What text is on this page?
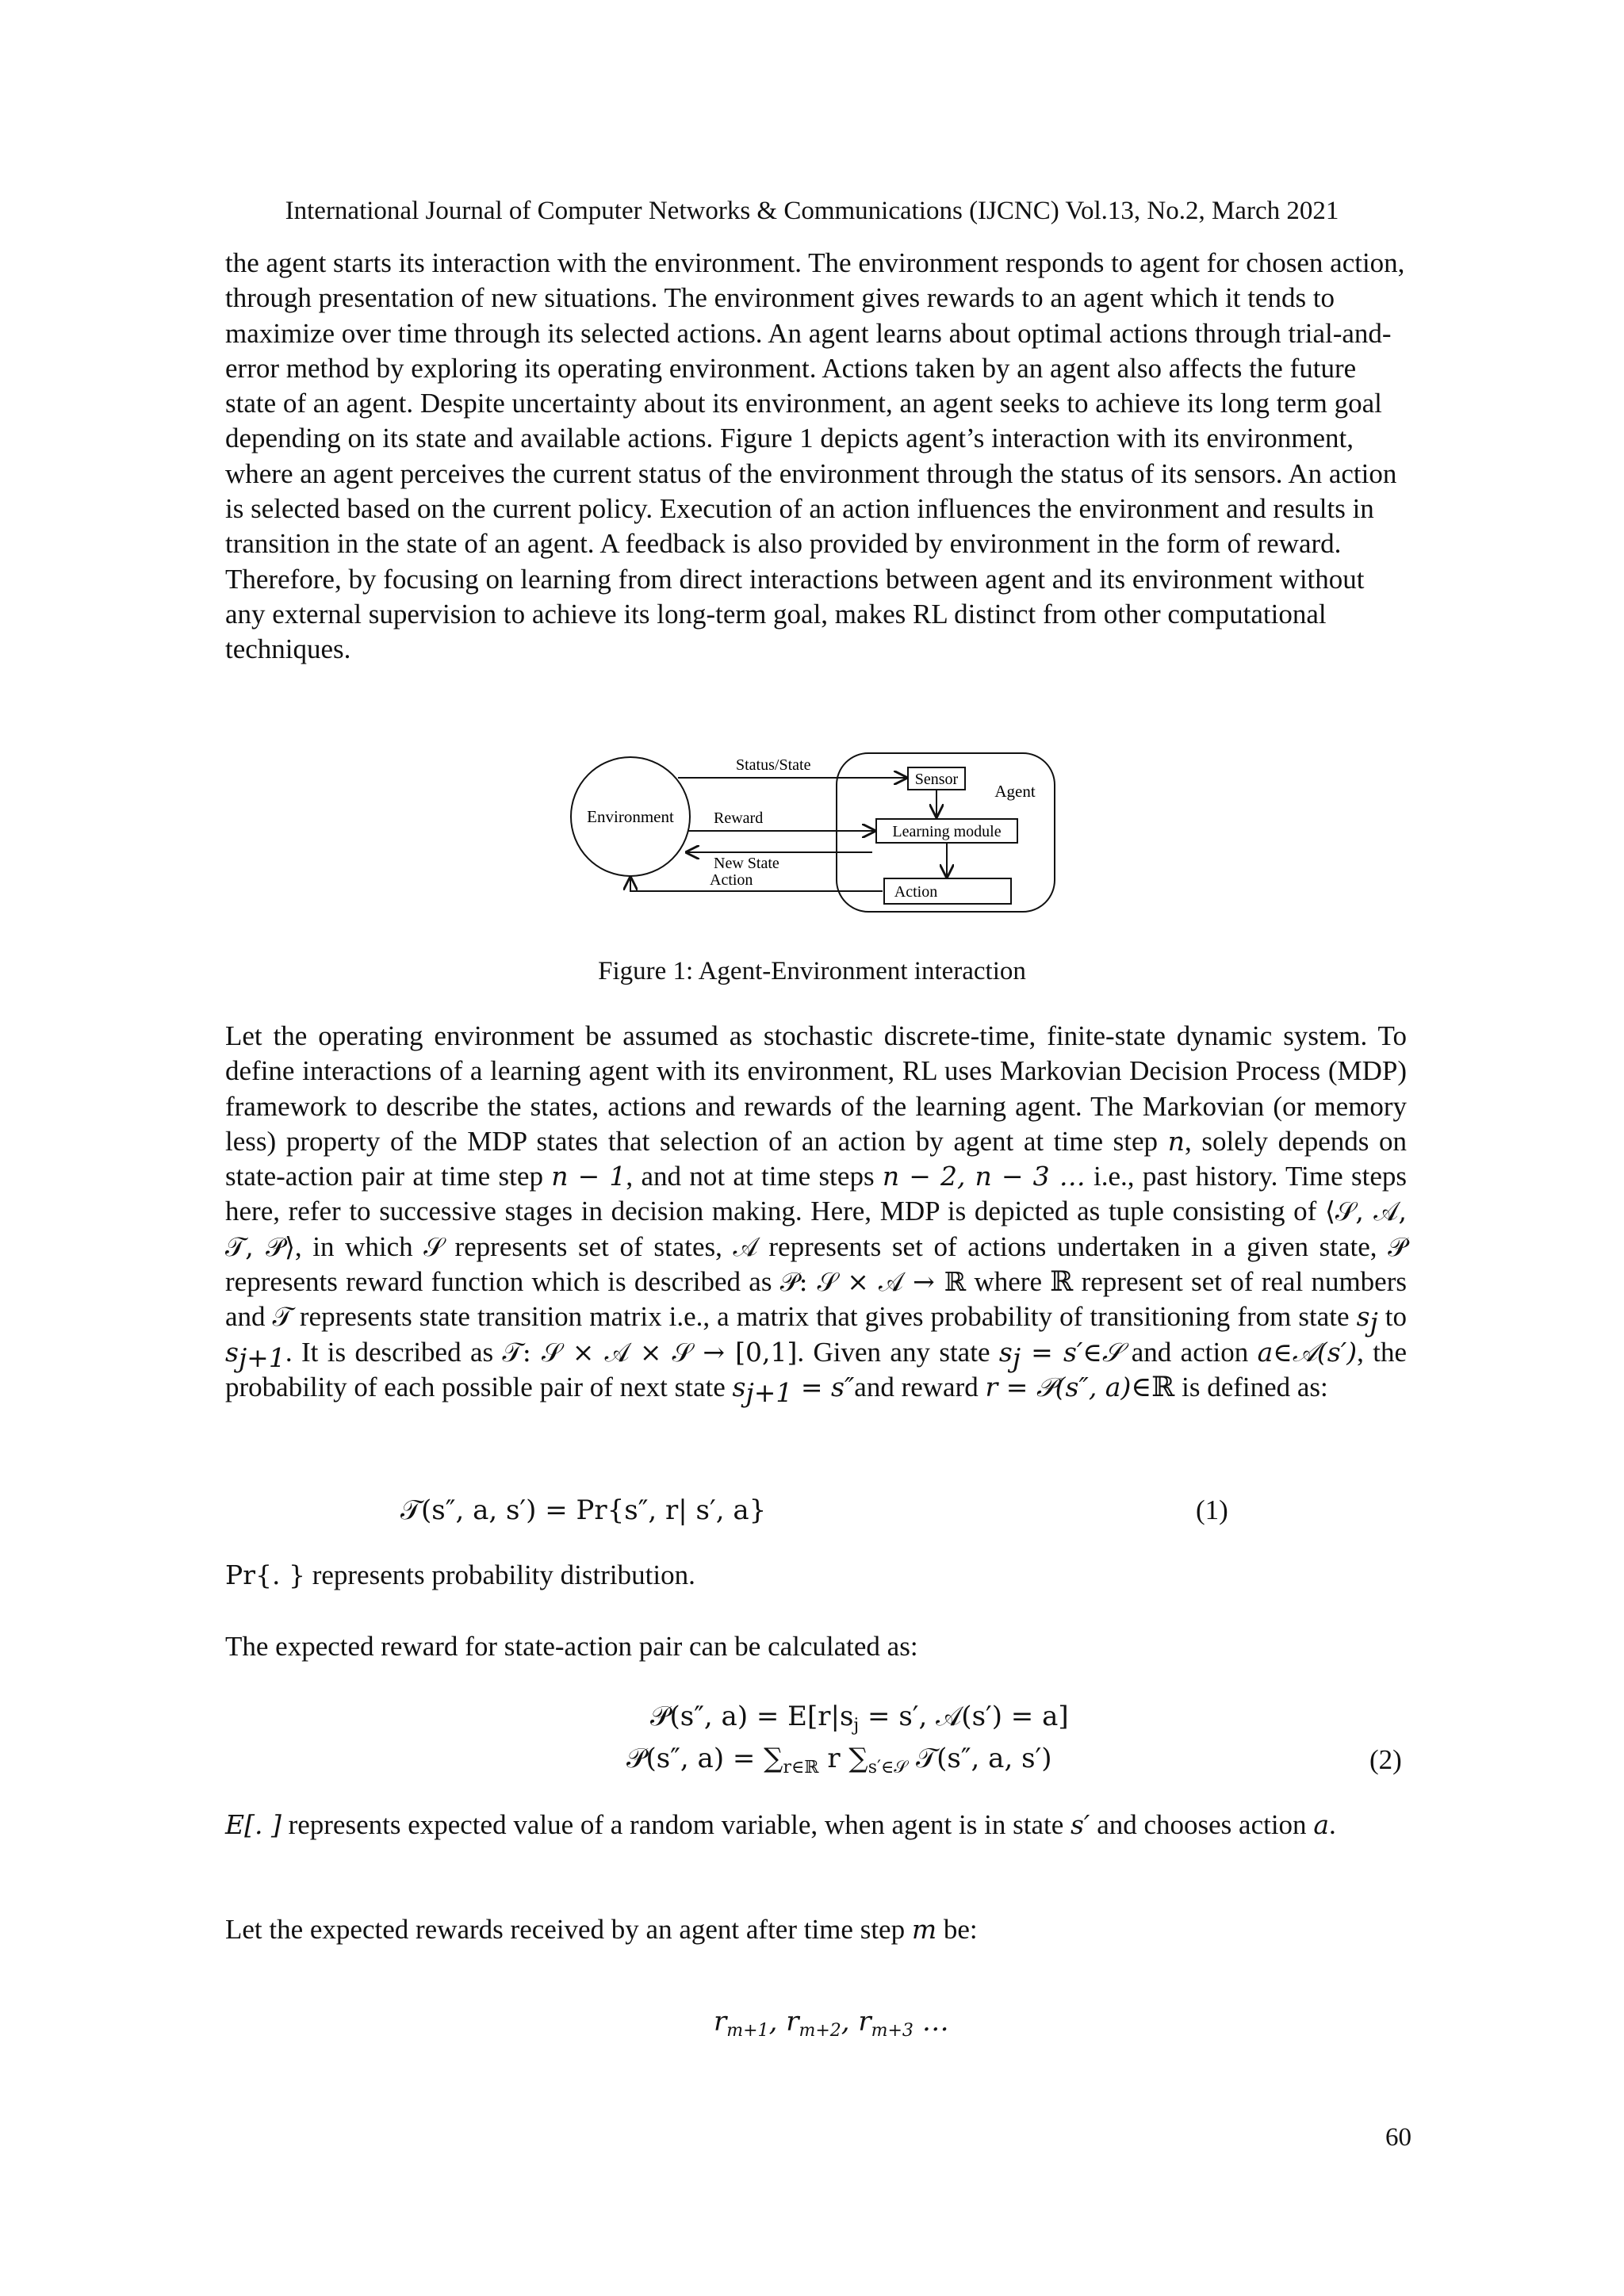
International Journal of Computer Networks & Communications (IJCNC) Vol.13, No.2, March 2021

the agent starts its interaction with the environment. The environment responds to agent for chosen action, through presentation of new situations. The environment gives rewards to an agent which it tends to maximize over time through its selected actions. An agent learns about optimal actions through trial-and-error method by exploring its operating environment. Actions taken by an agent also affects the future state of an agent. Despite uncertainty about its environment, an agent seeks to achieve its long term goal depending on its state and available actions. Figure 1 depicts agent’s interaction with its environment, where an agent perceives the current status of the environment through the status of its sensors. An action is selected based on the current policy. Execution of an action influences the environment and results in transition in the state of an agent. A feedback is also provided by environment in the form of reward. Therefore, by focusing on learning from direct interactions between agent and its environment without any external supervision to achieve its long-term goal, makes RL distinct from other computational techniques.

Environment
Agent
Sensor
Learning module
Action
Status/State
Reward
New State
Action
Figure 1: Agent-Environment interaction

Let the operating environment be assumed as stochastic discrete-time, finite-state dynamic system. To define interactions of a learning agent with its environment, RL uses Markovian Decision Process (MDP) framework to describe the states, actions and rewards of the learning agent. The Markovian (or memory less) property of the MDP states that selection of an action by agent at time step n, solely depends on state-action pair at time step n − 1, and not at time steps n − 2, n − 3 … i.e., past history. Time steps here, refer to successive stages in decision making. Here, MDP is depicted as tuple consisting of ⟨𝒮, 𝒜, 𝒯, 𝒫⟩, in which 𝒮 represents set of states, 𝒜 represents set of actions undertaken in a given state, 𝒫 represents reward function which is described as 𝒫: 𝒮 × 𝒜 → ℝ where ℝ represent set of real numbers and 𝒯 represents state transition matrix i.e., a matrix that gives probability of transitioning from state $s_j$ to $s_{j+1}$. It is described as 𝒯: 𝒮 × 𝒜 × 𝒮 → [0,1]. Given any state $s_j$ = s′∈𝒮 and action a∈𝒜(s′), the probability of each possible pair of next state $s_{j+1} = s''and$ reward r = 𝒫(s″, a)∈ℝ is defined as:

𝒯(s″, a, s′) = Pr{s″, r| s′, a}	(1)

Pr{. } represents probability distribution.

The expected reward for state-action pair can be calculated as:

𝒫(s″, $a) = E[r|s_j = s'$, 𝒜(s′) = a]
𝒫(s″, $a) = \sum_{r\in ℝ}$ r $\sum_{s'\in 𝒮}$ 𝒯(s″, a, s′)	(2)

E[. ] represents expected value of a random variable, when agent is in state s′ and chooses action a.

Let the expected rewards received by an agent after time step m be:

$r_{m+1}$, $r_{m+2}$, $r_{m+3}$ …
60
